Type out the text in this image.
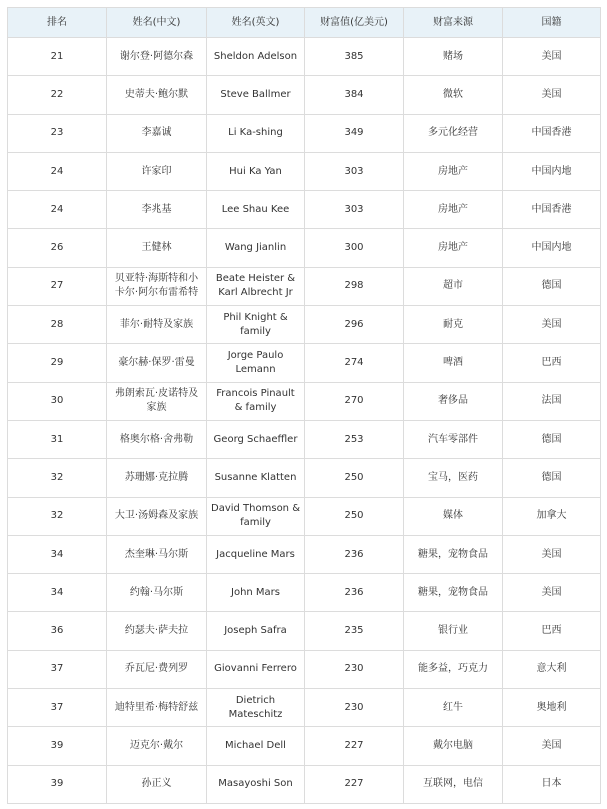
排名	姓名(中文)	姓名(英文)	财富值(亿美元)	财富来源	国籍
21	谢尔登·阿德尔森	Sheldon Adelson	385	赌场	美国
22	史蒂夫·鲍尔默	Steve Ballmer	384	微软	美国
23	李嘉诚	Li Ka-shing	349	多元化经营	中国香港
24	许家印	Hui Ka Yan	303	房地产	中国内地
24	李兆基	Lee Shau Kee	303	房地产	中国香港
26	王健林	Wang Jianlin	300	房地产	中国内地
27	贝亚特·海斯特和小卡尔·阿尔布雷希特	Beate Heister & Karl Albrecht Jr	298	超市	德国
28	菲尔·耐特及家族	Phil Knight & family	296	耐克	美国
29	豪尔赫·保罗·雷曼	Jorge Paulo Lemann	274	啤酒	巴西
30	弗朗索瓦·皮诺特及家族	Francois Pinault & family	270	奢侈品	法国
31	格奥尔格·舍弗勒	Georg Schaeffler	253	汽车零部件	德国
32	苏珊娜·克拉腾	Susanne Klatten	250	宝马，医药	德国
32	大卫·汤姆森及家族	David Thomson & family	250	媒体	加拿大
34	杰奎琳·马尔斯	Jacqueline Mars	236	糖果，宠物食品	美国
34	约翰·马尔斯	John Mars	236	糖果，宠物食品	美国
36	约瑟夫·萨夫拉	Joseph Safra	235	银行业	巴西
37	乔瓦尼·费列罗	Giovanni Ferrero	230	能多益，巧克力	意大利
37	迪特里希·梅特舒兹	Dietrich Mateschitz	230	红牛	奥地利
39	迈克尔·戴尔	Michael Dell	227	戴尔电脑	美国
39	孙正义	Masayoshi Son	227	互联网，电信	日本
